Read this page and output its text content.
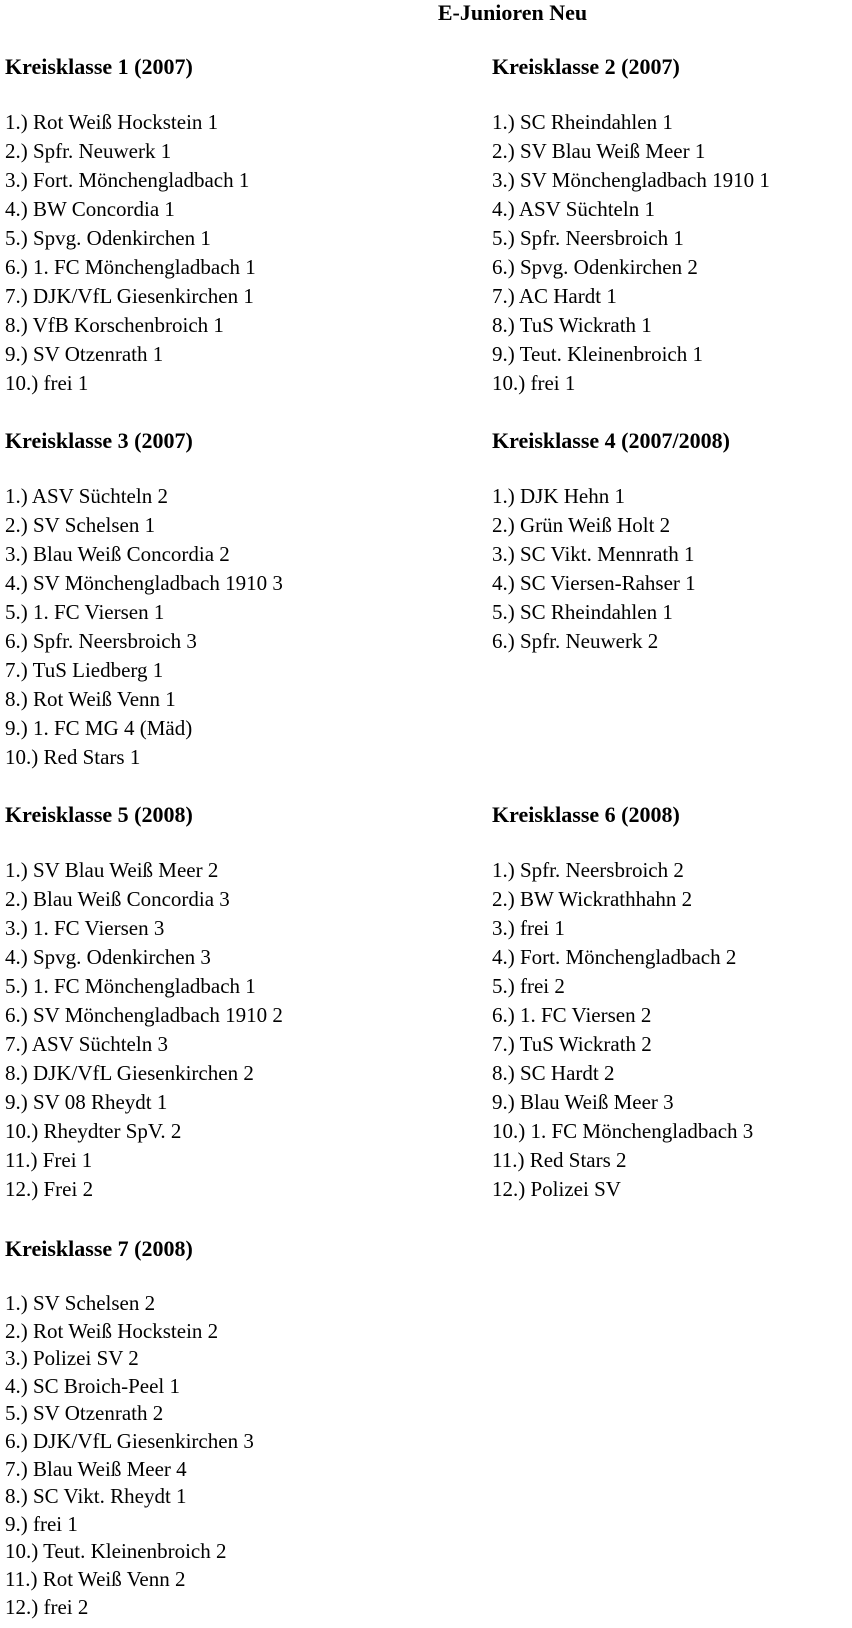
E-Junioren Neu
Kreisklasse 1 (2007)
1.) Rot Weiß Hockstein 1
2.) Spfr. Neuwerk 1
3.) Fort. Mönchengladbach 1
4.) BW Concordia 1
5.) Spvg. Odenkirchen 1
6.) 1. FC Mönchengladbach 1
7.) DJK/VfL Giesenkirchen 1
8.) VfB Korschenbroich 1
9.) SV Otzenrath 1
10.) frei 1
Kreisklasse 2 (2007)
1.) SC Rheindahlen 1
2.) SV Blau Weiß Meer 1
3.) SV Mönchengladbach 1910 1
4.) ASV Süchteln 1
5.) Spfr. Neersbroich 1
6.) Spvg. Odenkirchen 2
7.) AC Hardt 1
8.) TuS Wickrath 1
9.) Teut. Kleinenbroich 1
10.) frei 1
Kreisklasse 3 (2007)
1.) ASV Süchteln 2
2.) SV Schelsen 1
3.) Blau Weiß Concordia 2
4.) SV Mönchengladbach 1910 3
5.) 1. FC Viersen 1
6.) Spfr. Neersbroich 3
7.) TuS Liedberg 1
8.) Rot Weiß Venn 1
9.) 1. FC MG 4 (Mäd)
10.) Red Stars 1
Kreisklasse 4 (2007/2008)
1.) DJK Hehn 1
2.) Grün Weiß Holt 2
3.) SC Vikt. Mennrath 1
4.) SC Viersen-Rahser 1
5.) SC Rheindahlen 1
6.) Spfr. Neuwerk 2
Kreisklasse 5 (2008)
1.) SV Blau Weiß Meer 2
2.) Blau Weiß Concordia 3
3.) 1. FC Viersen 3
4.) Spvg. Odenkirchen 3
5.) 1. FC Mönchengladbach 1
6.) SV Mönchengladbach 1910 2
7.) ASV Süchteln 3
8.) DJK/VfL Giesenkirchen 2
9.) SV 08 Rheydt 1
10.) Rheydter SpV. 2
11.) Frei 1
12.) Frei 2
Kreisklasse 6 (2008)
1.) Spfr. Neersbroich 2
2.) BW Wickrathhahn 2
3.) frei 1
4.) Fort. Mönchengladbach 2
5.) frei 2
6.) 1. FC Viersen 2
7.) TuS Wickrath 2
8.) SC Hardt 2
9.) Blau Weiß Meer 3
10.) 1. FC Mönchengladbach 3
11.) Red Stars 2
12.) Polizei SV
Kreisklasse 7 (2008)
1.) SV Schelsen 2
2.) Rot Weiß Hockstein 2
3.) Polizei SV 2
4.) SC Broich-Peel 1
5.) SV Otzenrath 2
6.) DJK/VfL Giesenkirchen 3
7.) Blau Weiß Meer 4
8.) SC Vikt. Rheydt 1
9.) frei 1
10.) Teut. Kleinenbroich 2
11.) Rot Weiß Venn 2
12.) frei 2
